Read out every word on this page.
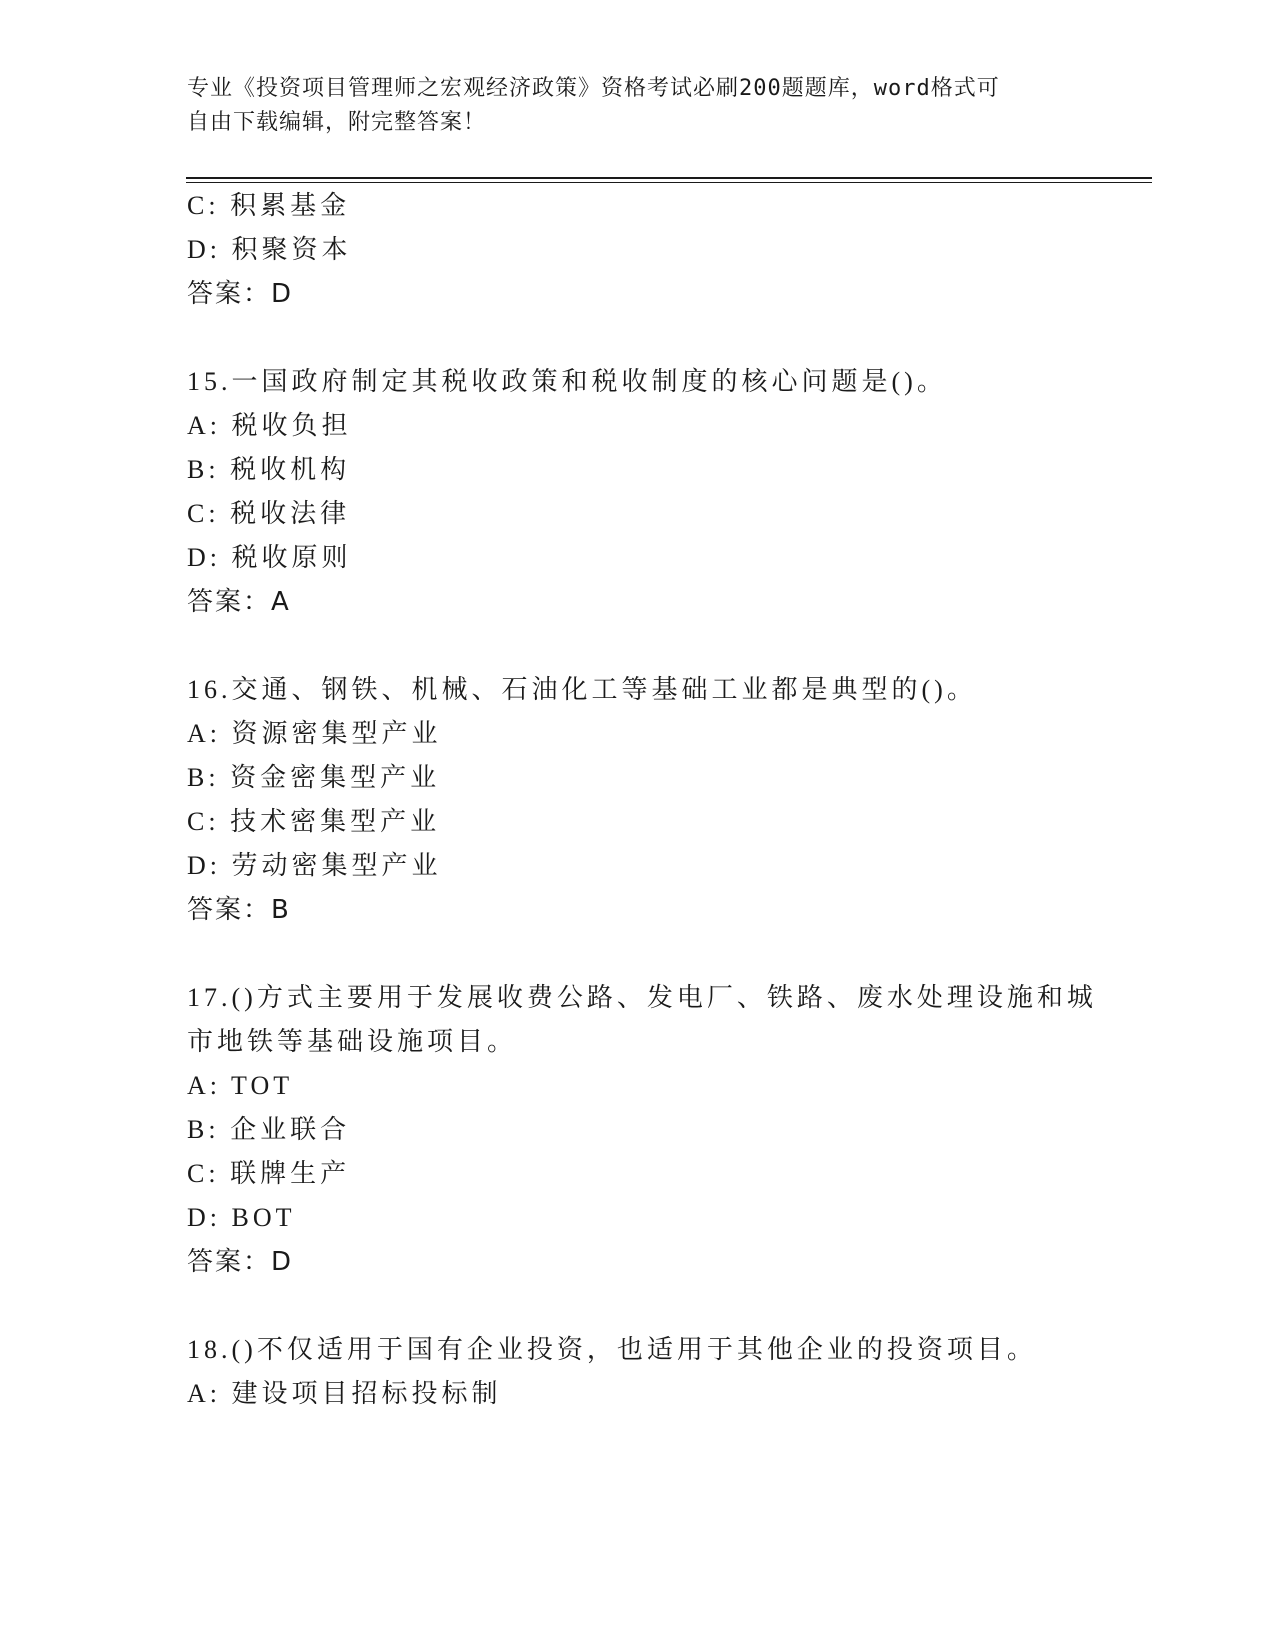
专业《投资项目管理师之宏观经济政策》资格考试必刷200题题库，word格式可
自由下载编辑，附完整答案！
C: 积累基金
D: 积聚资本
答案：D
15.一国政府制定其税收政策和税收制度的核心问题是()。
A: 税收负担
B: 税收机构
C: 税收法律
D: 税收原则
答案：A
16.交通、钢铁、机械、石油化工等基础工业都是典型的()。
A: 资源密集型产业
B: 资金密集型产业
C: 技术密集型产业
D: 劳动密集型产业
答案：B
17.()方式主要用于发展收费公路、发电厂、铁路、废水处理设施和城
市地铁等基础设施项目。
A: TOT
B: 企业联合
C: 联牌生产
D: BOT
答案：D
18.()不仅适用于国有企业投资，也适用于其他企业的投资项目。
A: 建设项目招标投标制
